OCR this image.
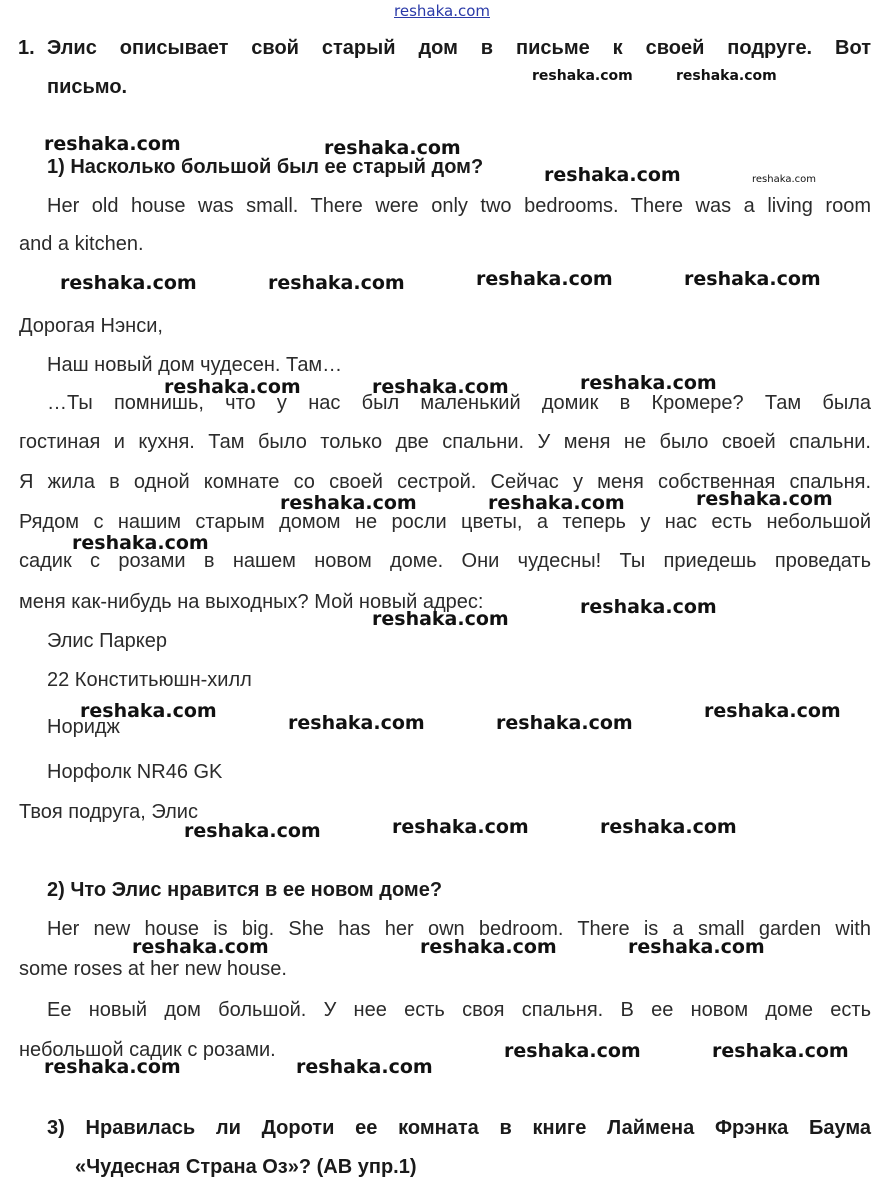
reshaka.com
1. Элис описывает свой старый дом в письме к своей подруге. Вот
письмо.
1) Насколько большой был ее старый дом?
Her old house was small. There were only two bedrooms. There was a living room
and a kitchen.
Дорогая Нэнси,
Наш новый дом чудесен. Там…
…Ты помнишь, что у нас был маленький домик в Кромере? Там была
гостиная и кухня. Там было только две спальни. У меня не было своей спальни.
Я жила в одной комнате со своей сестрой. Сейчас у меня собственная спальня.
Рядом с нашим старым домом не росли цветы, а теперь у нас есть небольшой
садик с розами в нашем новом доме. Они чудесны! Ты приедешь проведать
меня как-нибудь на выходных? Мой новый адрес:
Элис Паркер
22 Конститьюшн-хилл
Норидж
Норфолк NR46 GK
Твоя подруга, Элис
2) Что Элис нравится в ее новом доме?
Her new house is big. She has her own bedroom. There is a small garden with
some roses at her new house.
Ее новый дом большой. У нее есть своя спальня. В ее новом доме есть
небольшой садик с розами.
3) Нравилась ли Дороти ее комната в книге Лаймена Фрэнка Баума
«Чудесная Страна Оз»? (АВ упр.1)
reshaka.com	reshaka.com
reshaka.com	reshaka.com
reshaka.com	reshaka.com
reshaka.com	reshaka.com	reshaka.com	reshaka.com
reshaka.com	reshaka.com	reshaka.com
reshaka.com	reshaka.com	reshaka.com
reshaka.com
reshaka.com
reshaka.com
reshaka.com
reshaka.com	reshaka.com
reshaka.com
reshaka.com	reshaka.com	reshaka.com
reshaka.com	reshaka.com	reshaka.com
reshaka.com	reshaka.com
reshaka.com	reshaka.com
